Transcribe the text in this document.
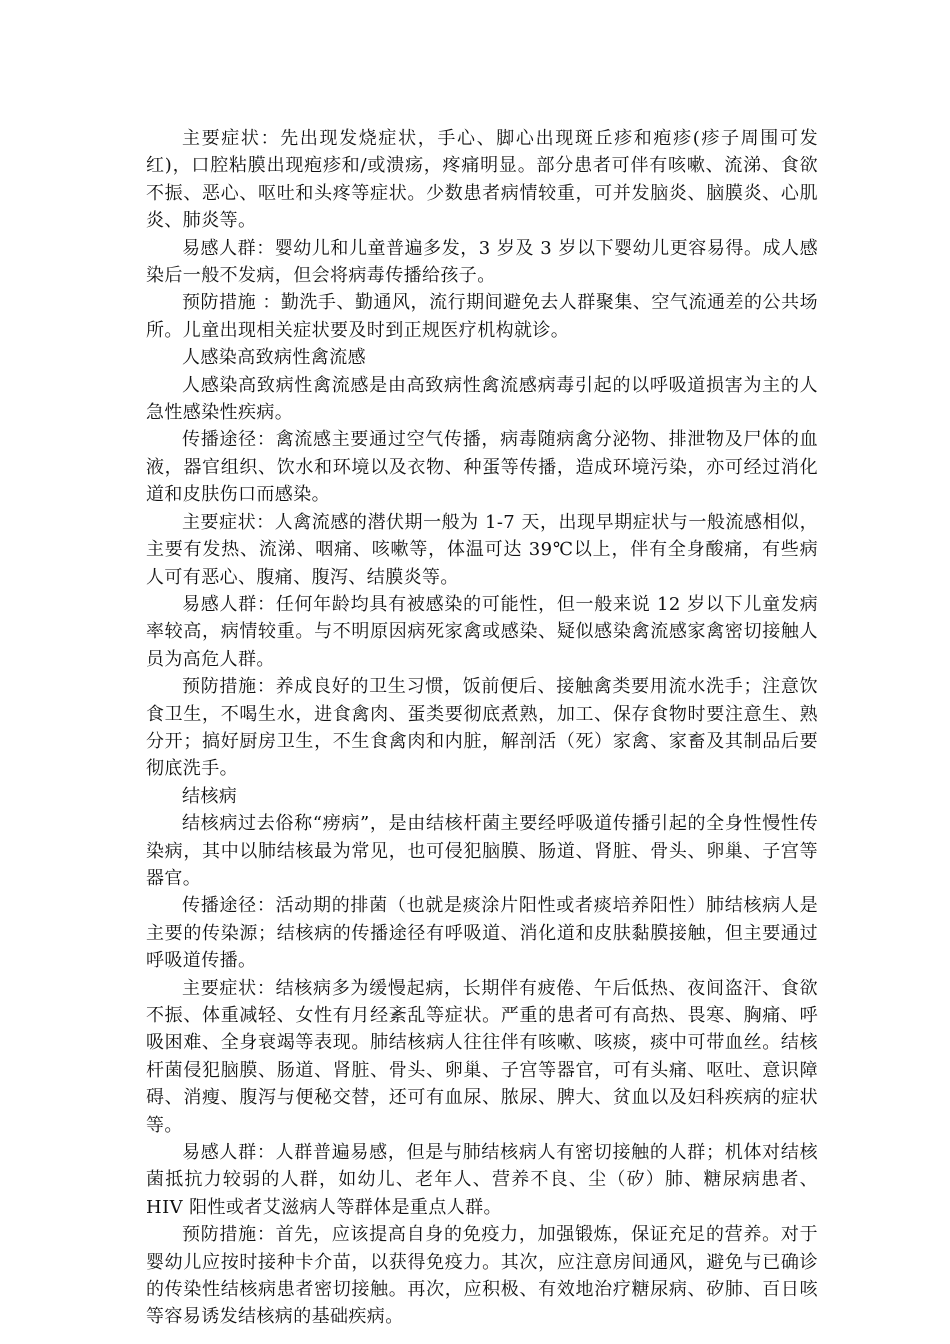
主要症状：先出现发烧症状，手心、脚心出现斑丘疹和疱疹(疹子周围可发红)，口腔粘膜出现疱疹和/或溃疡，疼痛明显。部分患者可伴有咳嗽、流涕、食欲不振、恶心、呕吐和头疼等症状。少数患者病情较重，可并发脑炎、脑膜炎、心肌炎、肺炎等。

易感人群：婴幼儿和儿童普遍多发，3 岁及 3 岁以下婴幼儿更容易得。成人感染后一般不发病，但会将病毒传播给孩子。

预防措施 ：勤洗手、勤通风，流行期间避免去人群聚集、空气流通差的公共场所。儿童出现相关症状要及时到正规医疗机构就诊。

人感染高致病性禽流感

人感染高致病性禽流感是由高致病性禽流感病毒引起的以呼吸道损害为主的人急性感染性疾病。

传播途径：禽流感主要通过空气传播，病毒随病禽分泌物、排泄物及尸体的血液，器官组织、饮水和环境以及衣物、种蛋等传播，造成环境污染，亦可经过消化道和皮肤伤口而感染。

主要症状：人禽流感的潜伏期一般为 1-7 天，出现早期症状与一般流感相似，主要有发热、流涕、咽痛、咳嗽等，体温可达 39℃以上，伴有全身酸痛，有些病人可有恶心、腹痛、腹泻、结膜炎等。

易感人群：任何年龄均具有被感染的可能性，但一般来说 12 岁以下儿童发病率较高，病情较重。与不明原因病死家禽或感染、疑似感染禽流感家禽密切接触人员为高危人群。

预防措施：养成良好的卫生习惯，饭前便后、接触禽类要用流水洗手；注意饮食卫生，不喝生水，进食禽肉、蛋类要彻底煮熟，加工、保存食物时要注意生、熟分开；搞好厨房卫生，不生食禽肉和内脏，解剖活（死）家禽、家畜及其制品后要彻底洗手。

结核病

结核病过去俗称“痨病”，是由结核杆菌主要经呼吸道传播引起的全身性慢性传染病，其中以肺结核最为常见，也可侵犯脑膜、肠道、肾脏、骨头、卵巢、子宫等器官。

传播途径：活动期的排菌（也就是痰涂片阳性或者痰培养阳性）肺结核病人是主要的传染源；结核病的传播途径有呼吸道、消化道和皮肤黏膜接触，但主要通过呼吸道传播。

主要症状：结核病多为缓慢起病，长期伴有疲倦、午后低热、夜间盗汗、食欲不振、体重减轻、女性有月经紊乱等症状。严重的患者可有高热、畏寒、胸痛、呼吸困难、全身衰竭等表现。肺结核病人往往伴有咳嗽、咳痰，痰中可带血丝。结核杆菌侵犯脑膜、肠道、肾脏、骨头、卵巢、子宫等器官，可有头痛、呕吐、意识障碍、消瘦、腹泻与便秘交替，还可有血尿、脓尿、脾大、贫血以及妇科疾病的症状等。

易感人群：人群普遍易感，但是与肺结核病人有密切接触的人群；机体对结核菌抵抗力较弱的人群，如幼儿、老年人、营养不良、尘（矽）肺、糖尿病患者、HIV 阳性或者艾滋病人等群体是重点人群。

预防措施：首先，应该提高自身的免疫力，加强锻炼，保证充足的营养。对于婴幼儿应按时接种卡介苗，以获得免疫力。其次，应注意房间通风，避免与已确诊的传染性结核病患者密切接触。再次，应积极、有效地治疗糖尿病、矽肺、百日咳等容易诱发结核病的基础疾病。
